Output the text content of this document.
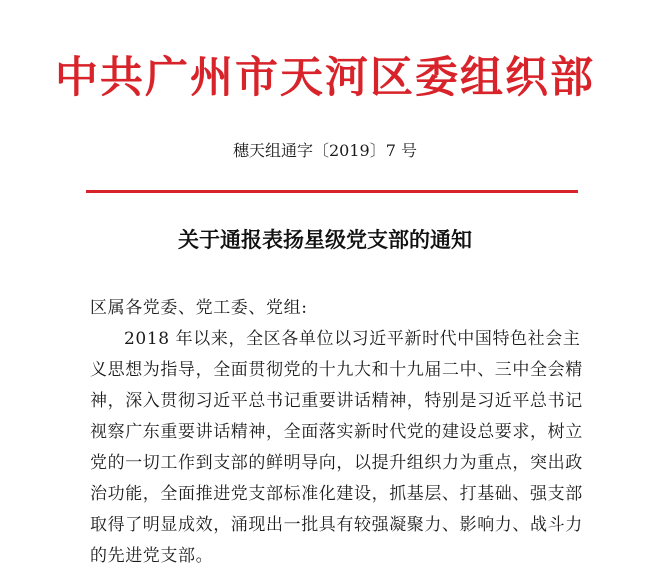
中共广州市天河区委组织部
穗天组通字〔2019〕7 号
关于通报表扬星级党支部的通知
区属各党委、党工委、党组:
2018 年以来，全区各单位以习近平新时代中国特色社会主
义思想为指导，全面贯彻党的十九大和十九届二中、三中全会精
神，深入贯彻习近平总书记重要讲话精神，特别是习近平总书记
视察广东重要讲话精神，全面落实新时代党的建设总要求，树立
党的一切工作到支部的鲜明导向，以提升组织力为重点，突出政
治功能，全面推进党支部标准化建设，抓基层、打基础、强支部
取得了明显成效，涌现出一批具有较强凝聚力、影响力、战斗力
的先进党支部。
